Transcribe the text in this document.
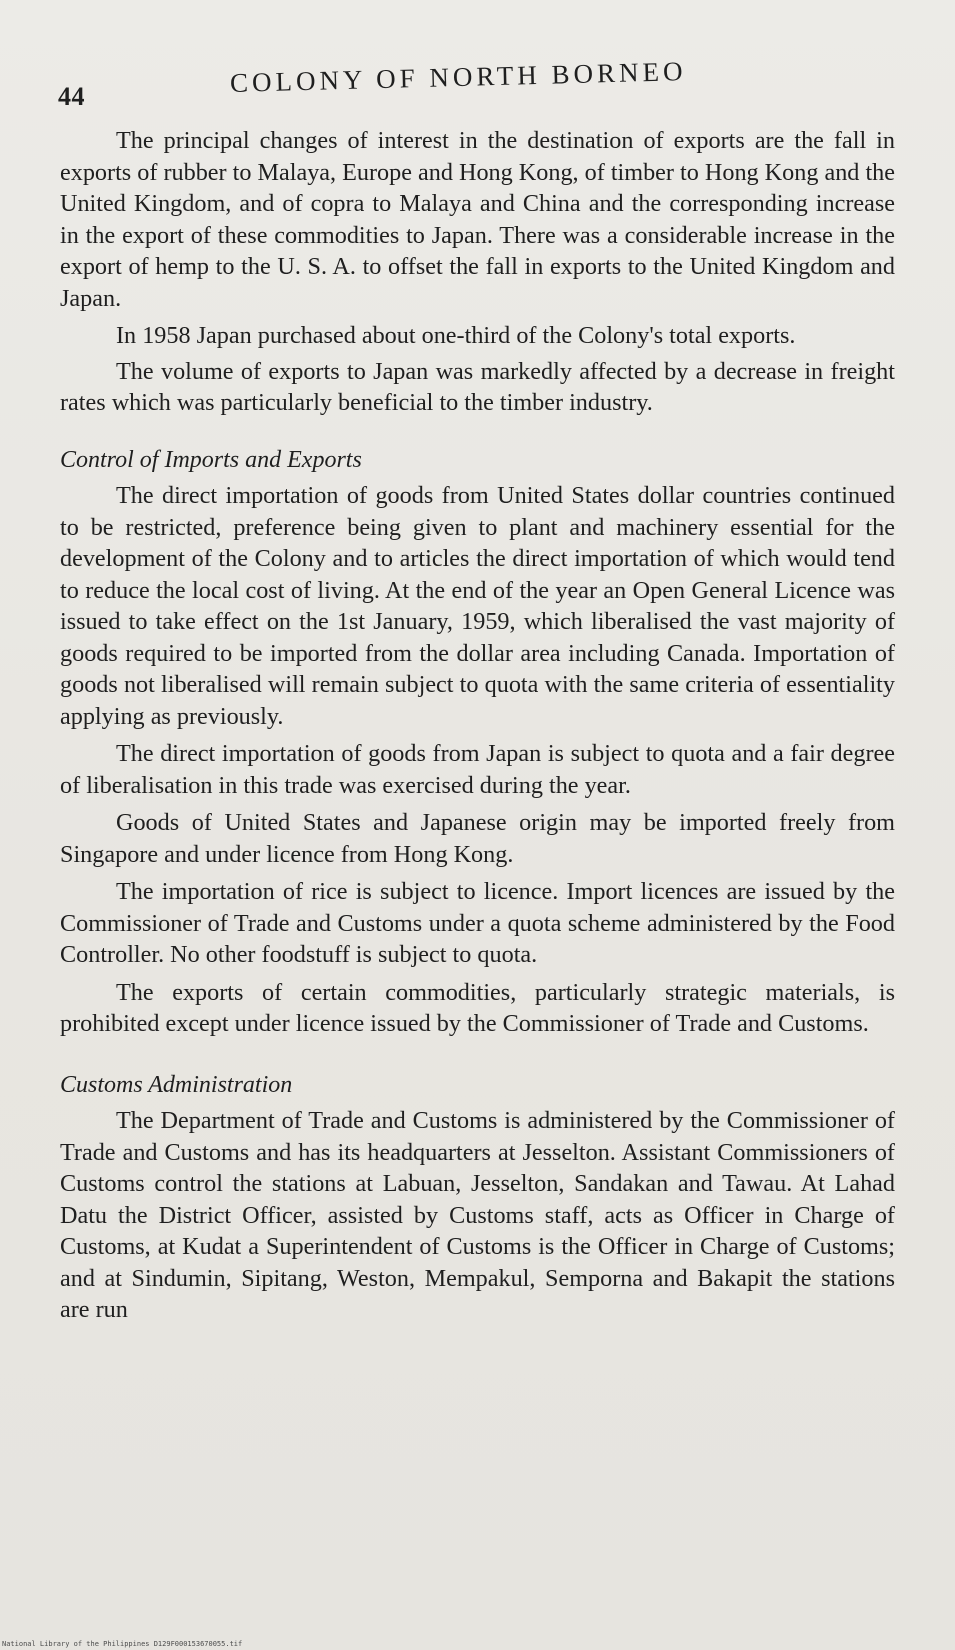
44	COLONY OF NORTH BORNEO

The principal changes of interest in the destination of exports are the fall in exports of rubber to Malaya, Europe and Hong Kong, of timber to Hong Kong and the United Kingdom, and of copra to Malaya and China and the corresponding increase in the export of these commodities to Japan. There was a considerable increase in the export of hemp to the U. S. A. to offset the fall in exports to the United Kingdom and Japan.

In 1958 Japan purchased about one-third of the Colony's total exports.

The volume of exports to Japan was markedly affected by a decrease in freight rates which was particularly beneficial to the timber industry.

Control of Imports and Exports

The direct importation of goods from United States dollar countries continued to be restricted, preference being given to plant and machinery essential for the development of the Colony and to articles the direct importation of which would tend to reduce the local cost of living. At the end of the year an Open General Licence was issued to take effect on the 1st January, 1959, which liberalised the vast majority of goods required to be imported from the dollar area including Canada. Importation of goods not liberalised will remain subject to quota with the same criteria of essentiality applying as previously.

The direct importation of goods from Japan is subject to quota and a fair degree of liberalisation in this trade was exercised during the year.

Goods of United States and Japanese origin may be imported freely from Singapore and under licence from Hong Kong.

The importation of rice is subject to licence. Import licences are issued by the Commissioner of Trade and Customs under a quota scheme administered by the Food Controller. No other foodstuff is subject to quota.

The exports of certain commodities, particularly strategic materials, is prohibited except under licence issued by the Commissioner of Trade and Customs.

Customs Administration

The Department of Trade and Customs is administered by the Commissioner of Trade and Customs and has its headquarters at Jesselton. Assistant Commissioners of Customs control the stations at Labuan, Jesselton, Sandakan and Tawau. At Lahad Datu the District Officer, assisted by Customs staff, acts as Officer in Charge of Customs, at Kudat a Superintendent of Customs is the Officer in Charge of Customs; and at Sindumin, Sipitang, Weston, Mempakul, Semporna and Bakapit the stations are run

National Library of the Philippines D129F000153670055.tif
